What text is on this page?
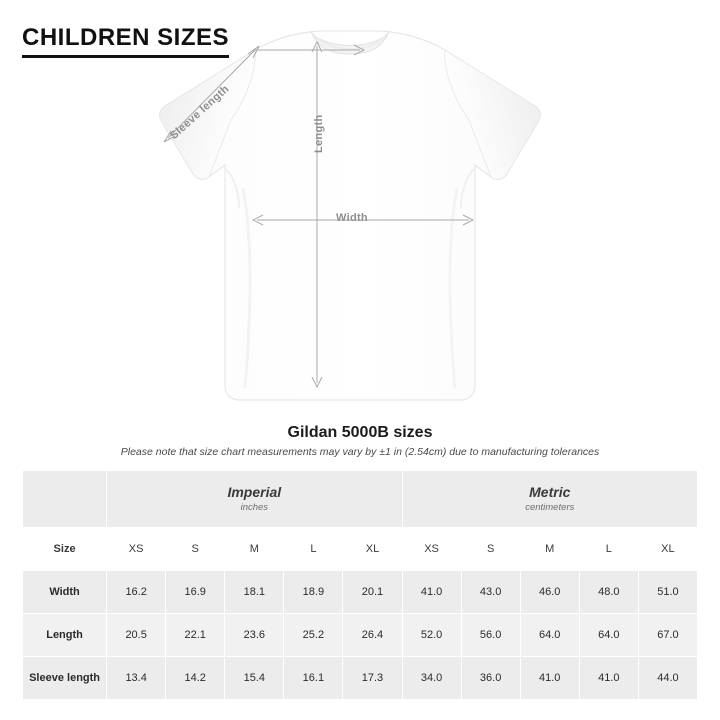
CHILDREN SIZES
Width
Length
Sleeve length
Gildan 5000B sizes
Please note that size chart measurements may vary by ±1 in (2.54cm) due to manufacturing tolerances

Imperial
inches

Metric
centimeters

Size	XS	S	M	L	XL	XS	S	M	L	XL
Width	16.2	16.9	18.1	18.9	20.1	41.0	43.0	46.0	48.0	51.0
Length	20.5	22.1	23.6	25.2	26.4	52.0	56.0	64.0	64.0	67.0
Sleeve length	13.4	14.2	15.4	16.1	17.3	34.0	36.0	41.0	41.0	44.0
